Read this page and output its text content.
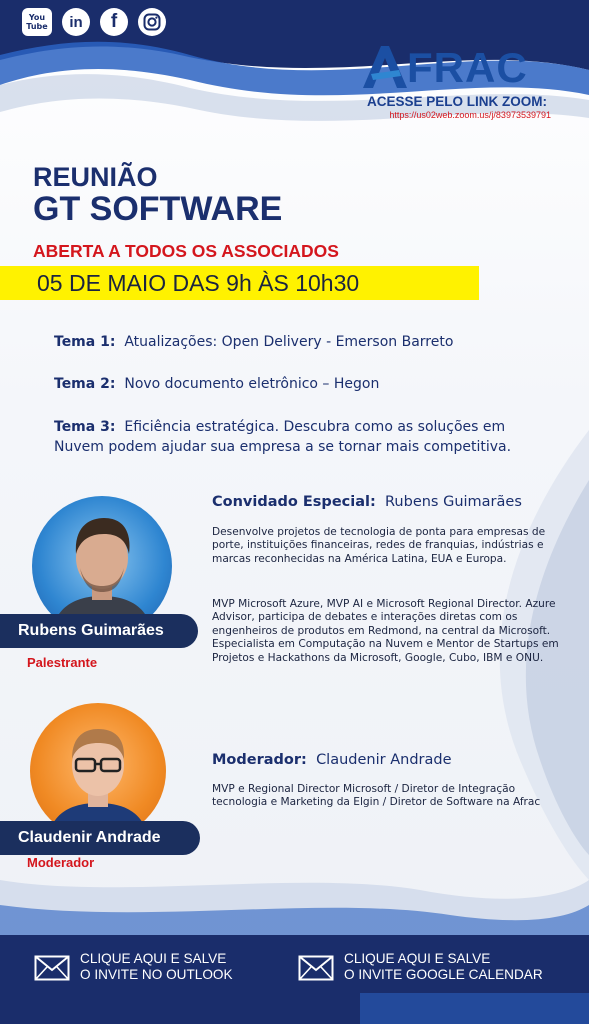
You
Tube in f
FRAC
ACESSE PELO LINK ZOOM:
https://us02web.zoom.us/j/83973539791
REUNIÃO
GT SOFTWARE
ABERTA A TODOS OS ASSOCIADOS
05 DE MAIO DAS 9h ÀS 10h30
Tema 1: Atualizações: Open Delivery - Emerson Barreto
Tema 2: Novo documento eletrônico – Hegon
Tema 3: Eficiência estratégica. Descubra como as soluções em Nuvem podem ajudar sua empresa a se tornar mais competitiva.
Rubens Guimarães
Palestrante
Convidado Especial: Rubens Guimarães
Desenvolve projetos de tecnologia de ponta para empresas de porte, instituições financeiras, redes de franquias, indústrias e marcas reconhecidas na América Latina, EUA e Europa.
MVP Microsoft Azure, MVP AI e Microsoft Regional Director. Azure Advisor, participa de debates e interações diretas com os engenheiros de produtos em Redmond, na central da Microsoft. Especialista em Computação na Nuvem e Mentor de Startups em Projetos e Hackathons da Microsoft, Google, Cubo, IBM e ONU.
Claudenir Andrade
Moderador
Moderador: Claudenir Andrade
MVP e Regional Director Microsoft / Diretor de Integração tecnologia e Marketing da Elgin / Diretor de Software na Afrac
CLIQUE AQUI E SALVE
O INVITE NO OUTLOOK
CLIQUE AQUI E SALVE
O INVITE GOOGLE CALENDAR
